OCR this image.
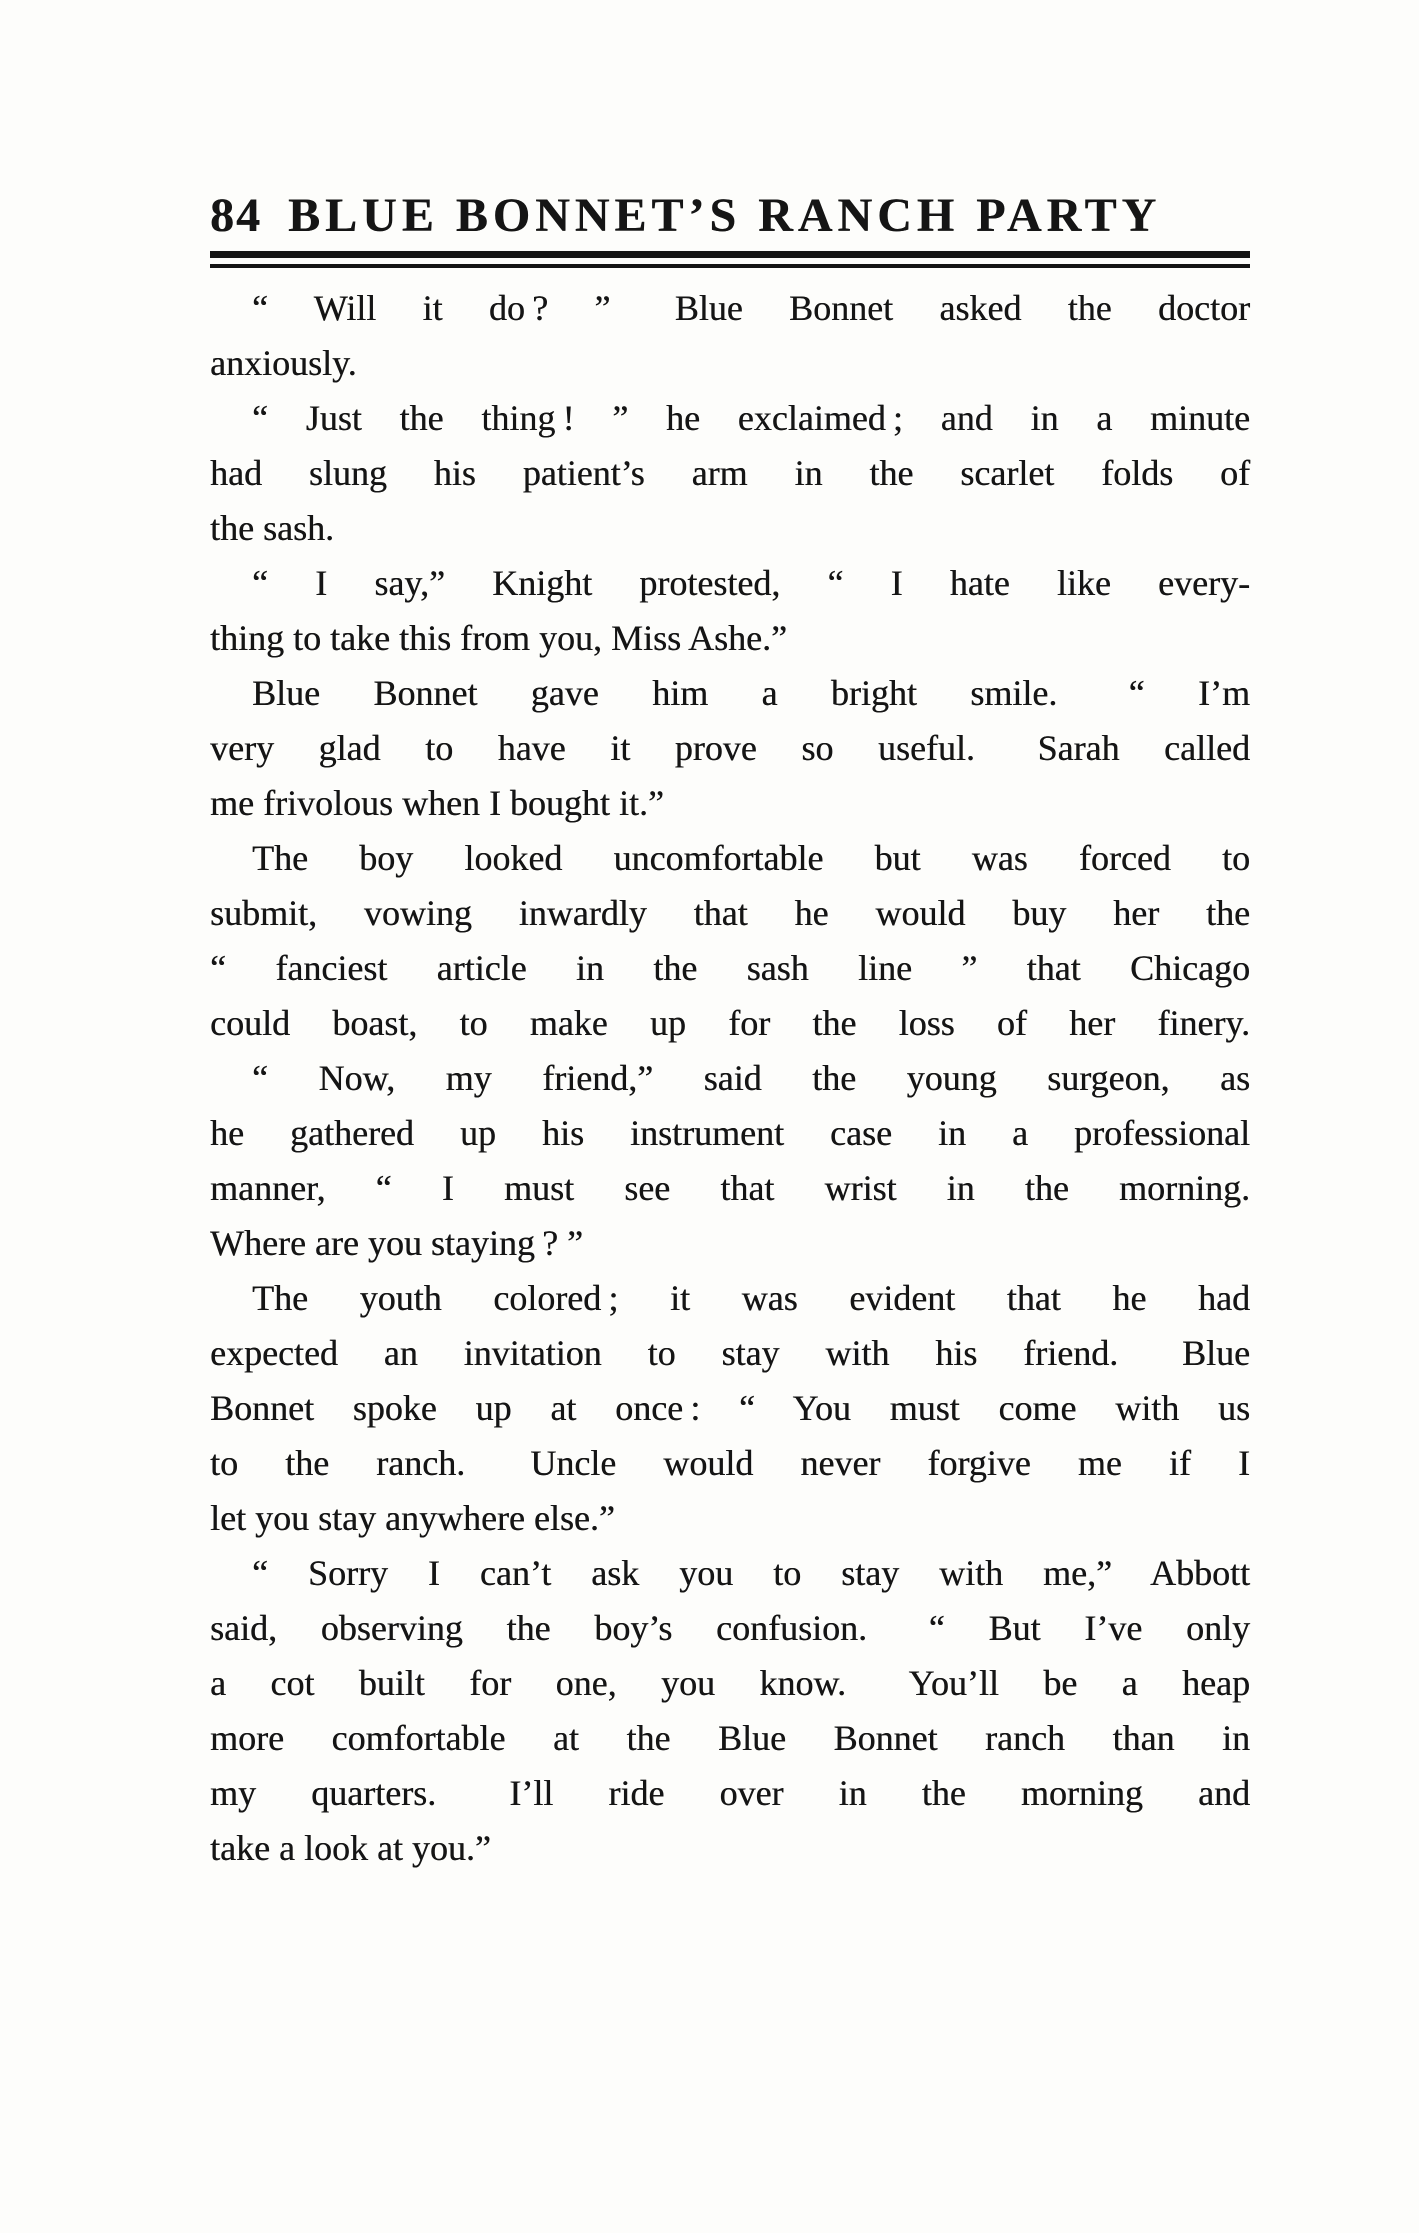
84 BLUE BONNET’S RANCH PARTY

“ Will it do ? ”  Blue Bonnet asked the doctor
anxiously.

“ Just the thing ! ” he exclaimed ; and in a minute
had slung his patient’s arm in the scarlet folds of
the sash.

“ I say,” Knight protested, “ I hate like every-
thing to take this from you, Miss Ashe.”

Blue Bonnet gave him a bright smile.  “ I’m
very glad to have it prove so useful.  Sarah called
me frivolous when I bought it.”

The boy looked uncomfortable but was forced to
submit, vowing inwardly that he would buy her the
“ fanciest article in the sash line ” that Chicago
could boast, to make up for the loss of her finery.

“ Now, my friend,” said the young surgeon, as
he gathered up his instrument case in a professional
manner, “ I must see that wrist in the morning.
Where are you staying ? ”

The youth colored ; it was evident that he had
expected an invitation to stay with his friend.  Blue
Bonnet spoke up at once : “ You must come with us
to the ranch.  Uncle would never forgive me if I
let you stay anywhere else.”

“ Sorry I can’t ask you to stay with me,” Abbott
said, observing the boy’s confusion.  “ But I’ve only
a cot built for one, you know.  You’ll be a heap
more comfortable at the Blue Bonnet ranch than in
my quarters.  I’ll ride over in the morning and
take a look at you.”
